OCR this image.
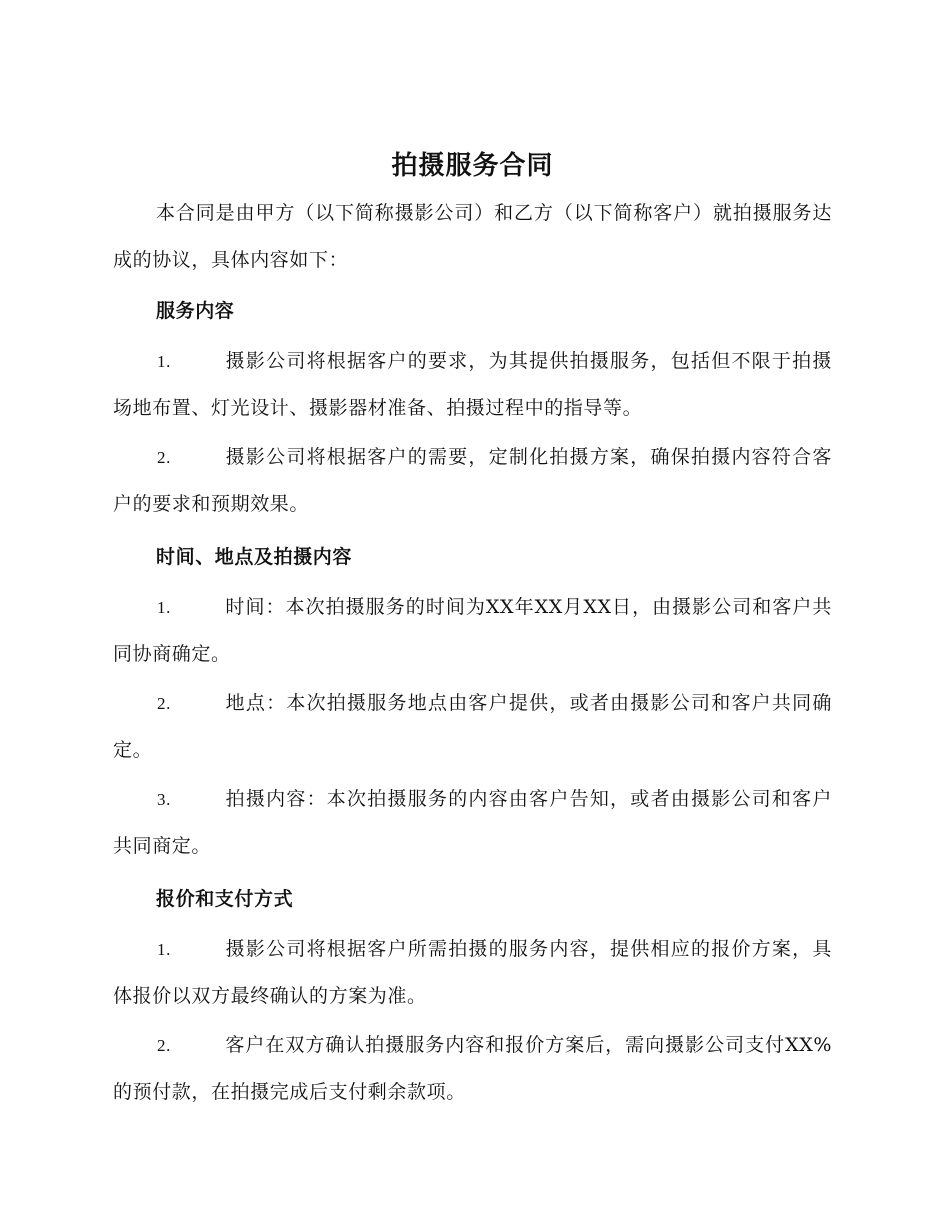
拍摄服务合同

本合同是由甲方（以下简称摄影公司）和乙方（以下简称客户）就拍摄服务达成的协议，具体内容如下：

服务内容

1.	摄影公司将根据客户的要求，为其提供拍摄服务，包括但不限于拍摄场地布置、灯光设计、摄影器材准备、拍摄过程中的指导等。

2.	摄影公司将根据客户的需要，定制化拍摄方案，确保拍摄内容符合客户的要求和预期效果。

时间、地点及拍摄内容

1.	时间：本次拍摄服务的时间为XX年XX月XX日，由摄影公司和客户共同协商确定。

2.	地点：本次拍摄服务地点由客户提供，或者由摄影公司和客户共同确定。

3.	拍摄内容：本次拍摄服务的内容由客户告知，或者由摄影公司和客户共同商定。

报价和支付方式

1.	摄影公司将根据客户所需拍摄的服务内容，提供相应的报价方案，具体报价以双方最终确认的方案为准。

2.	客户在双方确认拍摄服务内容和报价方案后，需向摄影公司支付XX%的预付款，在拍摄完成后支付剩余款项。
